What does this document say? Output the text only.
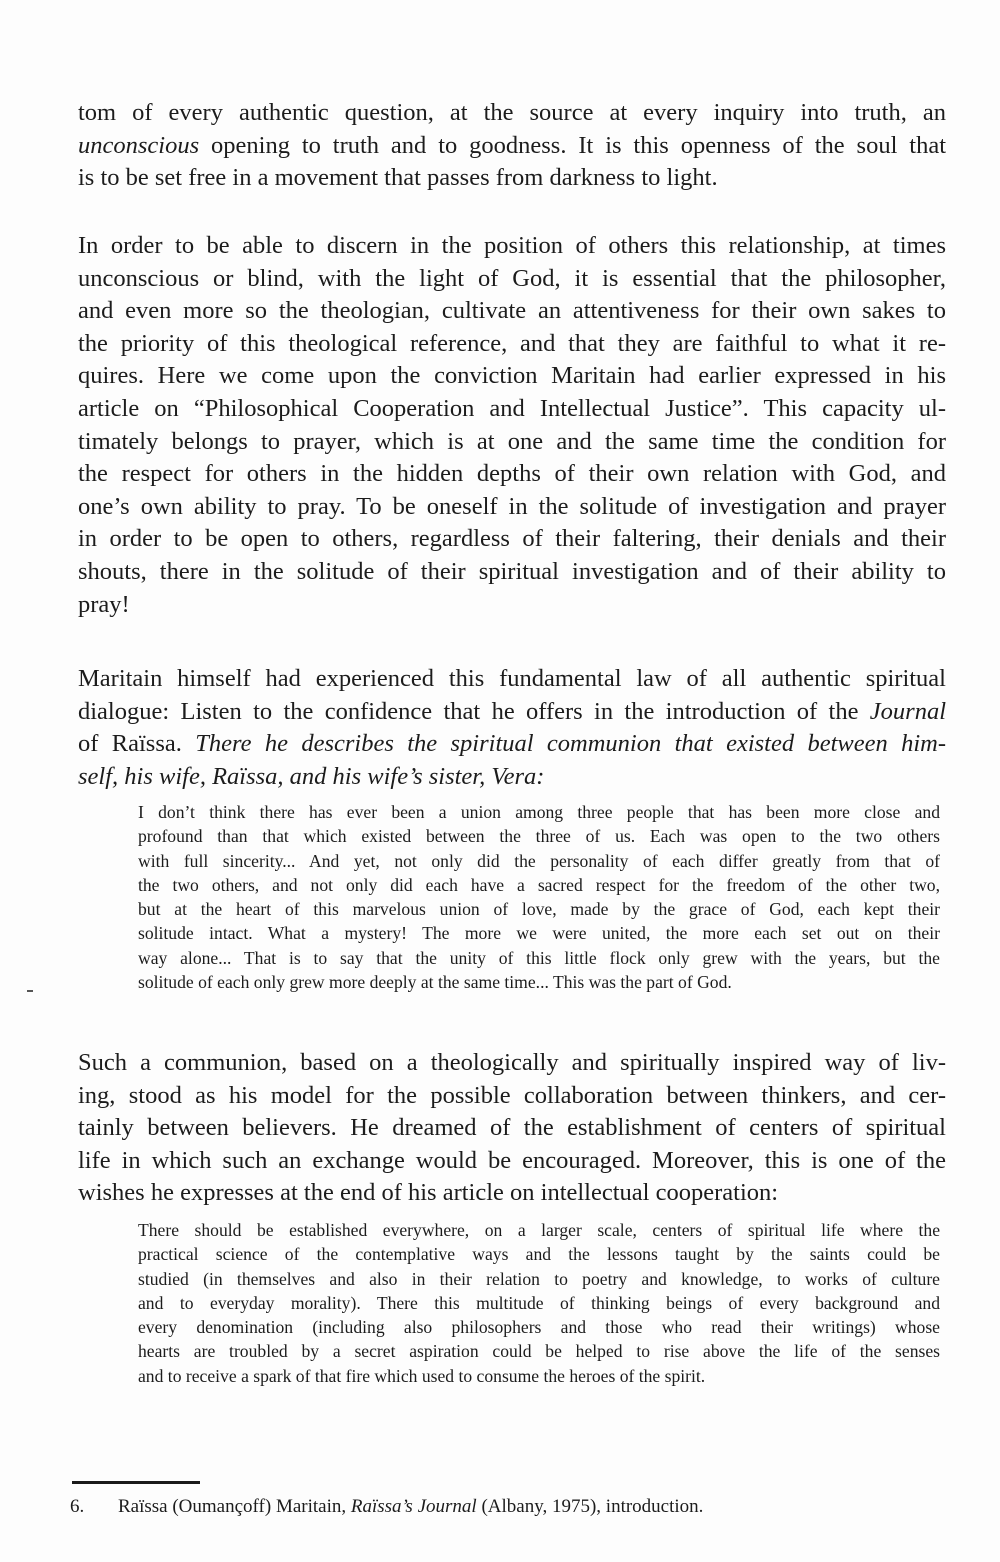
tom of every authentic question, at the source at every inquiry into truth, an
unconscious opening to truth and to goodness. It is this openness of the soul that
is to be set free in a movement that passes from darkness to light.
In order to be able to discern in the position of others this relationship, at times
unconscious or blind, with the light of God, it is essential that the philosopher,
and even more so the theologian, cultivate an attentiveness for their own sakes to
the priority of this theological reference, and that they are faithful to what it re-
quires. Here we come upon the conviction Maritain had earlier expressed in his
article on “Philosophical Cooperation and Intellectual Justice”. This capacity ul-
timately belongs to prayer, which is at one and the same time the condition for
the respect for others in the hidden depths of their own relation with God, and
one’s own ability to pray. To be oneself in the solitude of investigation and prayer
in order to be open to others, regardless of their faltering, their denials and their
shouts, there in the solitude of their spiritual investigation and of their ability to
pray!
Maritain himself had experienced this fundamental law of all authentic spiritual
dialogue: Listen to the confidence that he offers in the introduction of the Journal
of Raïssa. There he describes the spiritual communion that existed between him-
self, his wife, Raïssa, and his wife’s sister, Vera:
I don’t think there has ever been a union among three people that has been more close and
profound than that which existed between the three of us. Each was open to the two others
with full sincerity... And yet, not only did the personality of each differ greatly from that of
the two others, and not only did each have a sacred respect for the freedom of the other two,
but at the heart of this marvelous union of love, made by the grace of God, each kept their
solitude intact. What a mystery! The more we were united, the more each set out on their
way alone... That is to say that the unity of this little flock only grew with the years, but the
solitude of each only grew more deeply at the same time... This was the part of God.
Such a communion, based on a theologically and spiritually inspired way of liv-
ing, stood as his model for the possible collaboration between thinkers, and cer-
tainly between believers. He dreamed of the establishment of centers of spiritual
life in which such an exchange would be encouraged. Moreover, this is one of the
wishes he expresses at the end of his article on intellectual cooperation:
There should be established everywhere, on a larger scale, centers of spiritual life where the
practical science of the contemplative ways and the lessons taught by the saints could be
studied (in themselves and also in their relation to poetry and knowledge, to works of culture
and to everyday morality). There this multitude of thinking beings of every background and
every denomination (including also philosophers and those who read their writings) whose
hearts are troubled by a secret aspiration could be helped to rise above the life of the senses
and to receive a spark of that fire which used to consume the heroes of the spirit.
6. Raïssa (Oumançoff) Maritain, Raïssa’s Journal (Albany, 1975), introduction.
